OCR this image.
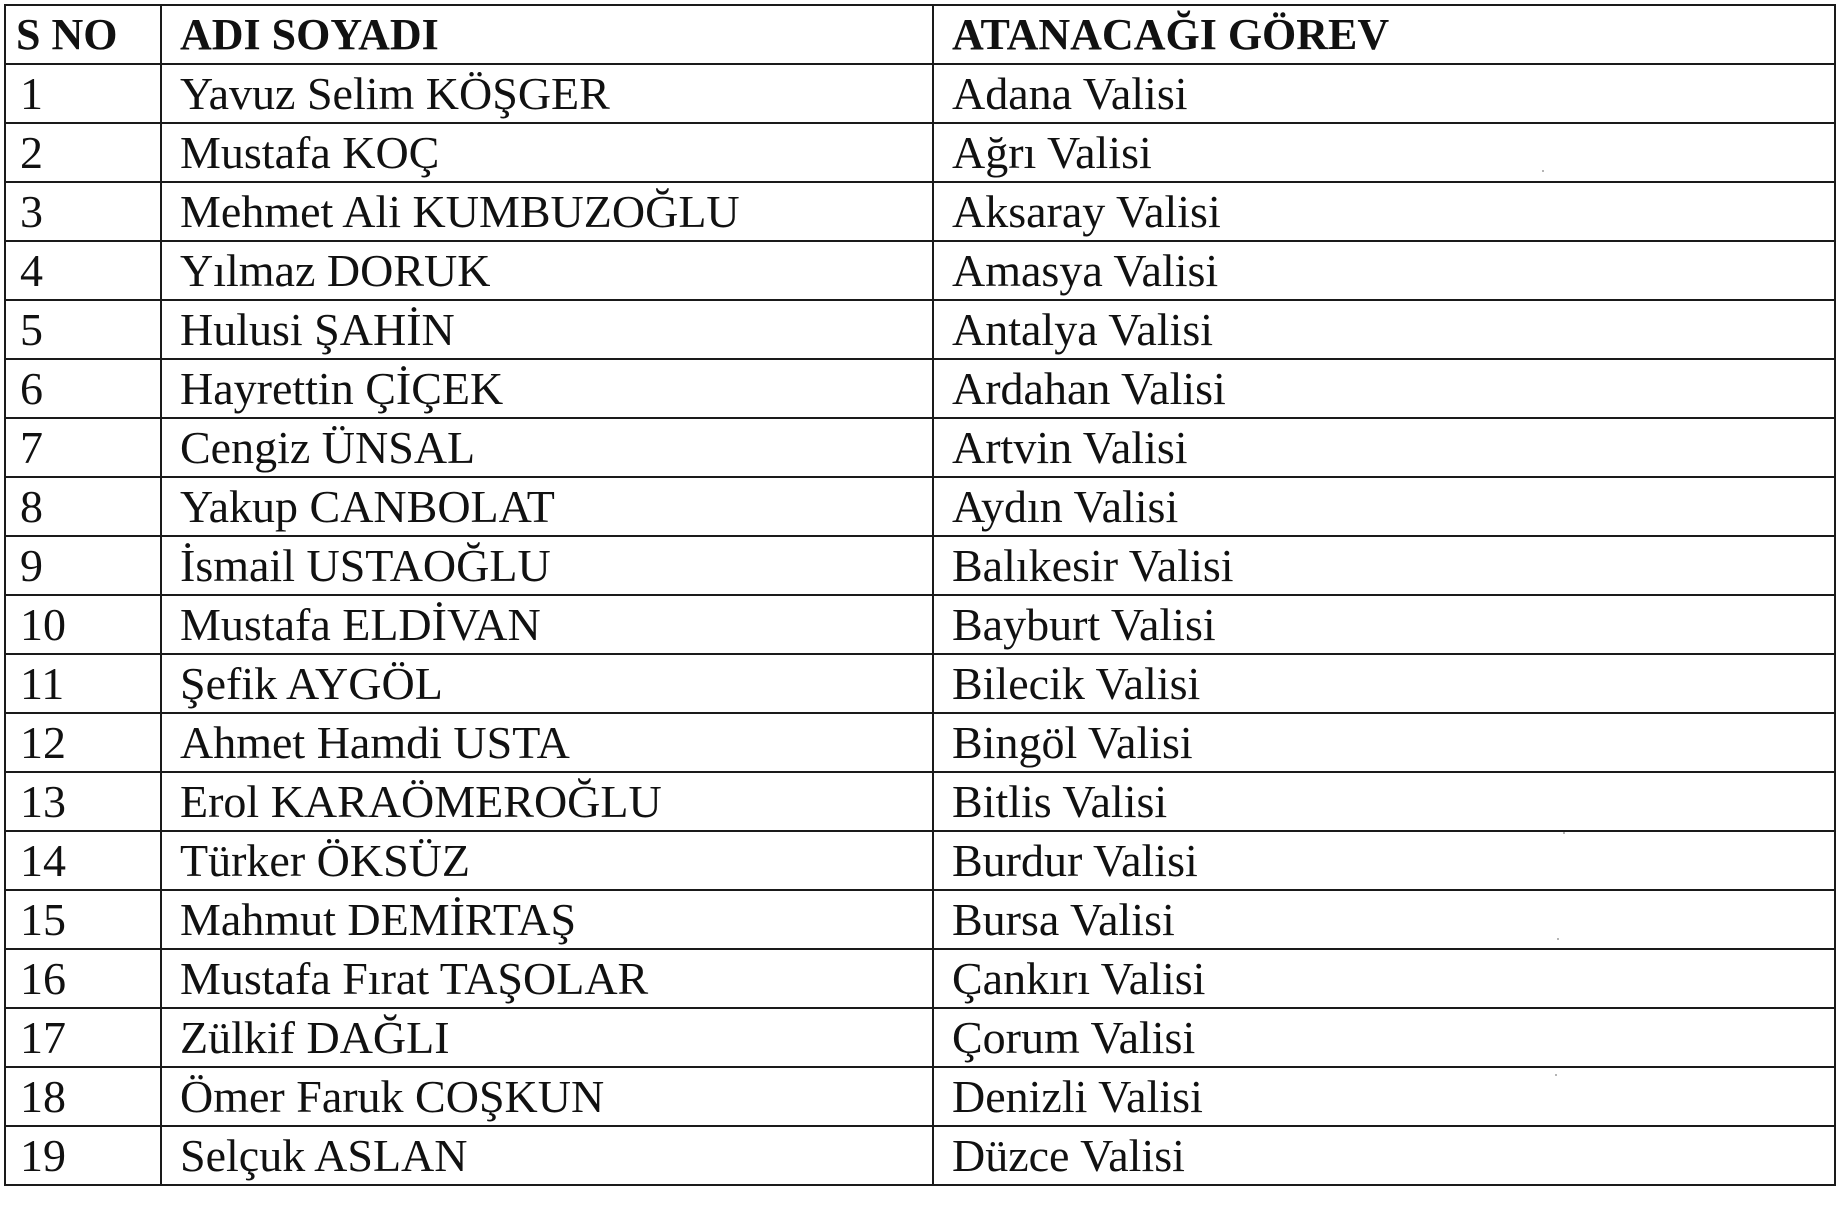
S NO	ADI SOYADI	ATANACAĞI GÖREV
1	Yavuz Selim KÖŞGER	Adana Valisi
2	Mustafa KOÇ	Ağrı Valisi
3	Mehmet Ali KUMBUZOĞLU	Aksaray Valisi
4	Yılmaz DORUK	Amasya Valisi
5	Hulusi ŞAHİN	Antalya Valisi
6	Hayrettin ÇİÇEK	Ardahan Valisi
7	Cengiz ÜNSAL	Artvin Valisi
8	Yakup CANBOLAT	Aydın Valisi
9	İsmail USTAOĞLU	Balıkesir Valisi
10	Mustafa ELDİVAN	Bayburt Valisi
11	Şefik AYGÖL	Bilecik Valisi
12	Ahmet Hamdi USTA	Bingöl Valisi
13	Erol KARAÖMEROĞLU	Bitlis Valisi
14	Türker ÖKSÜZ	Burdur Valisi
15	Mahmut DEMİRTAŞ	Bursa Valisi
16	Mustafa Fırat TAŞOLAR	Çankırı Valisi
17	Zülkif DAĞLI	Çorum Valisi
18	Ömer Faruk COŞKUN	Denizli Valisi
19	Selçuk ASLAN	Düzce Valisi
